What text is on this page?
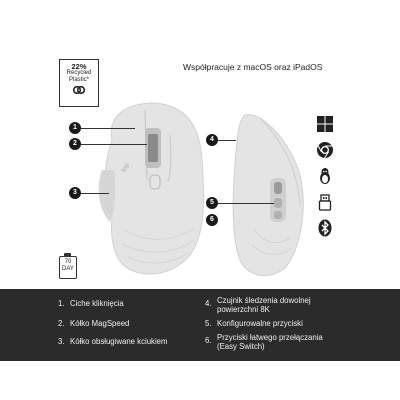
22%
Recycled
Plastic*
Współpracuje z macOS oraz iPadOS
logi
1
2
3
4
5
6
70
DAY
1. Ciche kliknięcia
2. Kółko MagSpeed
3. Kółko obsługiwane kciukiem
4. Czujnik śledzenia dowolnej
powierzchni 8K
5. Konfigurowalne przyciski
6. Przyciski łatwego przełączania
(Easy Switch)
